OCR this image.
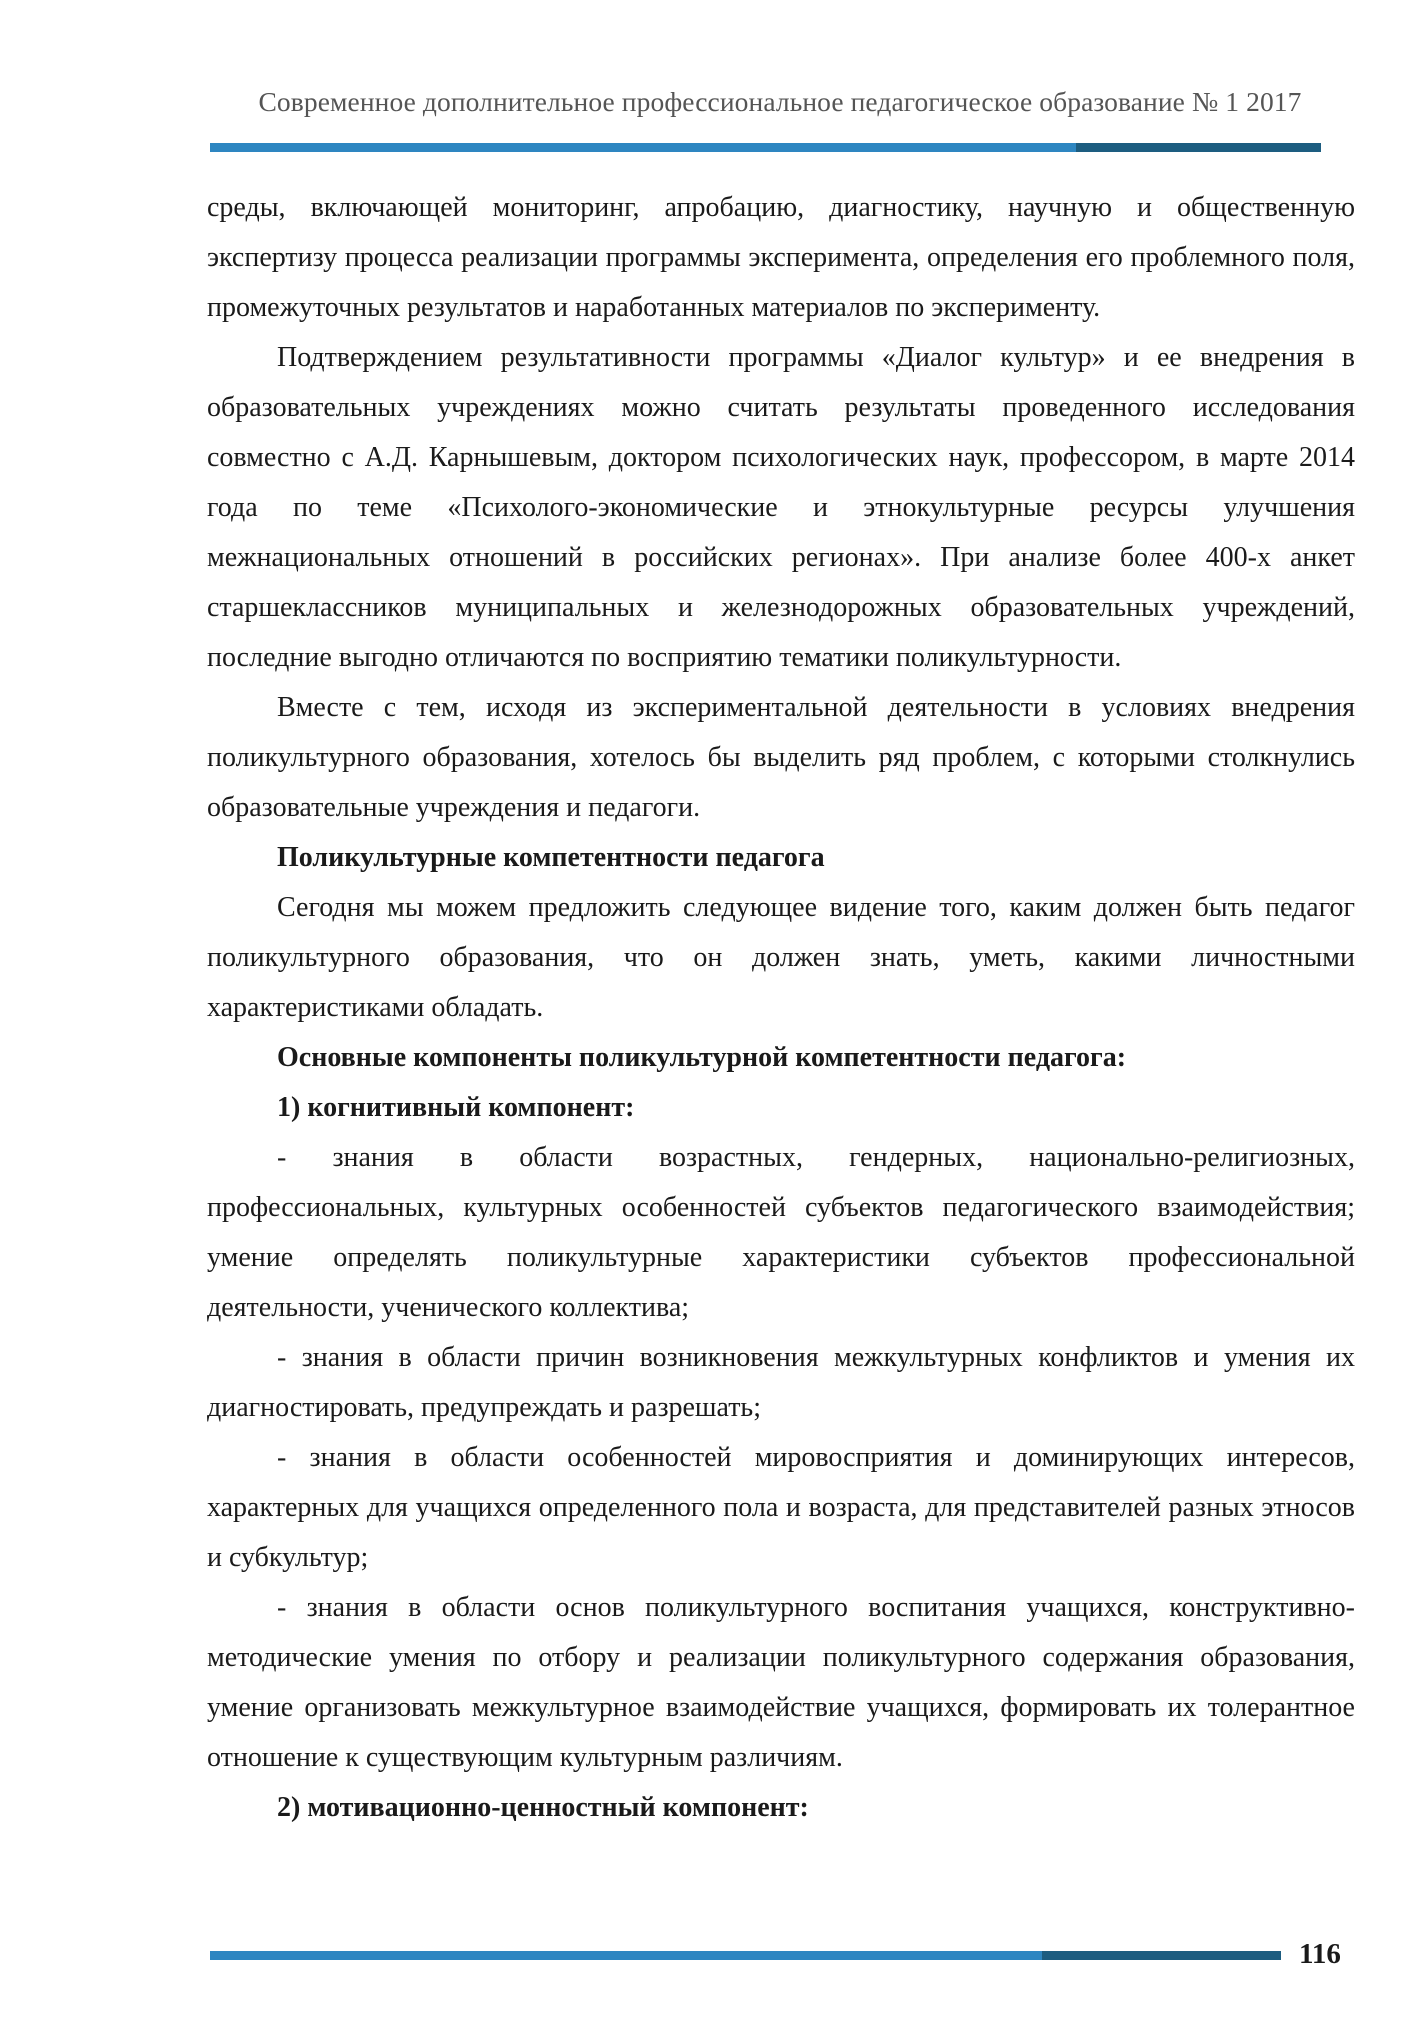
Современное дополнительное профессиональное педагогическое образование № 1 2017

среды, включающей мониторинг, апробацию, диагностику, научную и общественную экспертизу процесса реализации программы эксперимента, определения его проблемного поля, промежуточных результатов и наработанных материалов по эксперименту.

Подтверждением результативности программы «Диалог культур» и ее внедрения в образовательных учреждениях можно считать результаты проведенного исследования совместно с А.Д. Карнышевым, доктором психологических наук, профессором, в марте 2014 года по теме «Психолого-экономические и этнокультурные ресурсы улучшения межнациональных отношений в российских регионах». При анализе более 400-х анкет старшеклассников муниципальных и железнодорожных образовательных учреждений, последние выгодно отличаются по восприятию тематики поликультурности.

Вместе с тем, исходя из экспериментальной деятельности в условиях внедрения поликультурного образования, хотелось бы выделить ряд проблем, с которыми столкнулись образовательные учреждения и педагоги.

Поликультурные компетентности педагога

Сегодня мы можем предложить следующее видение того, каким должен быть педагог поликультурного образования, что он должен знать, уметь, какими личностными характеристиками обладать.

Основные компоненты поликультурной компетентности педагога:

1) когнитивный компонент:

- знания в области возрастных, гендерных, национально-религиозных, профессиональных, культурных особенностей субъектов педагогического взаимодействия; умение определять поликультурные характеристики субъектов профессиональной деятельности, ученического коллектива;

- знания в области причин возникновения межкультурных конфликтов и умения их диагностировать, предупреждать и разрешать;

- знания в области особенностей мировосприятия и доминирующих интересов, характерных для учащихся определенного пола и возраста, для представителей разных этносов и субкультур;

- знания в области основ поликультурного воспитания учащихся, конструктивно-методические умения по отбору и реализации поликультурного содержания образования, умение организовать межкультурное взаимодействие учащихся, формировать их толерантное отношение к существующим культурным различиям.

2) мотивационно-ценностный компонент:

116
